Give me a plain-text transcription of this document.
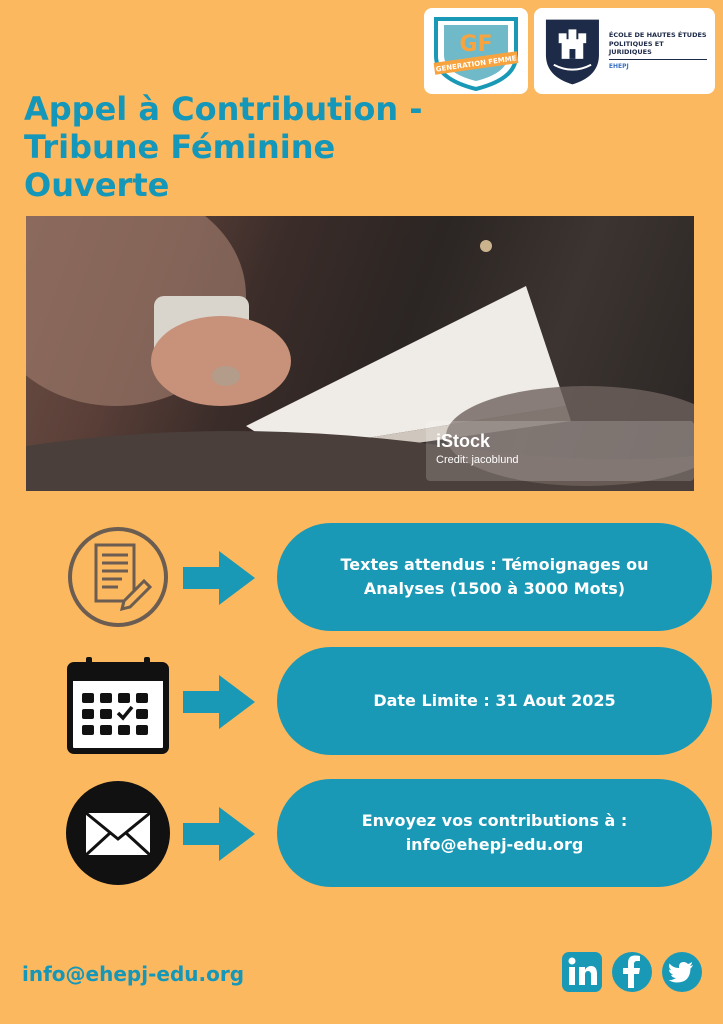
GF
GENERATION FEMME
ÉCOLE DE HAUTES ÉTUDES
POLITIQUES ET JURIDIQUES
EHEPJ
Appel à Contribution -
Tribune Féminine
Ouverte
iStock
Credit: jacoblund
Textes attendus : Témoignages ou
Analyses (1500 à 3000 Mots)
Date Limite : 31 Aout 2025
Envoyez vos contributions à :
info@ehepj-edu.org
info@ehepj-edu.org
